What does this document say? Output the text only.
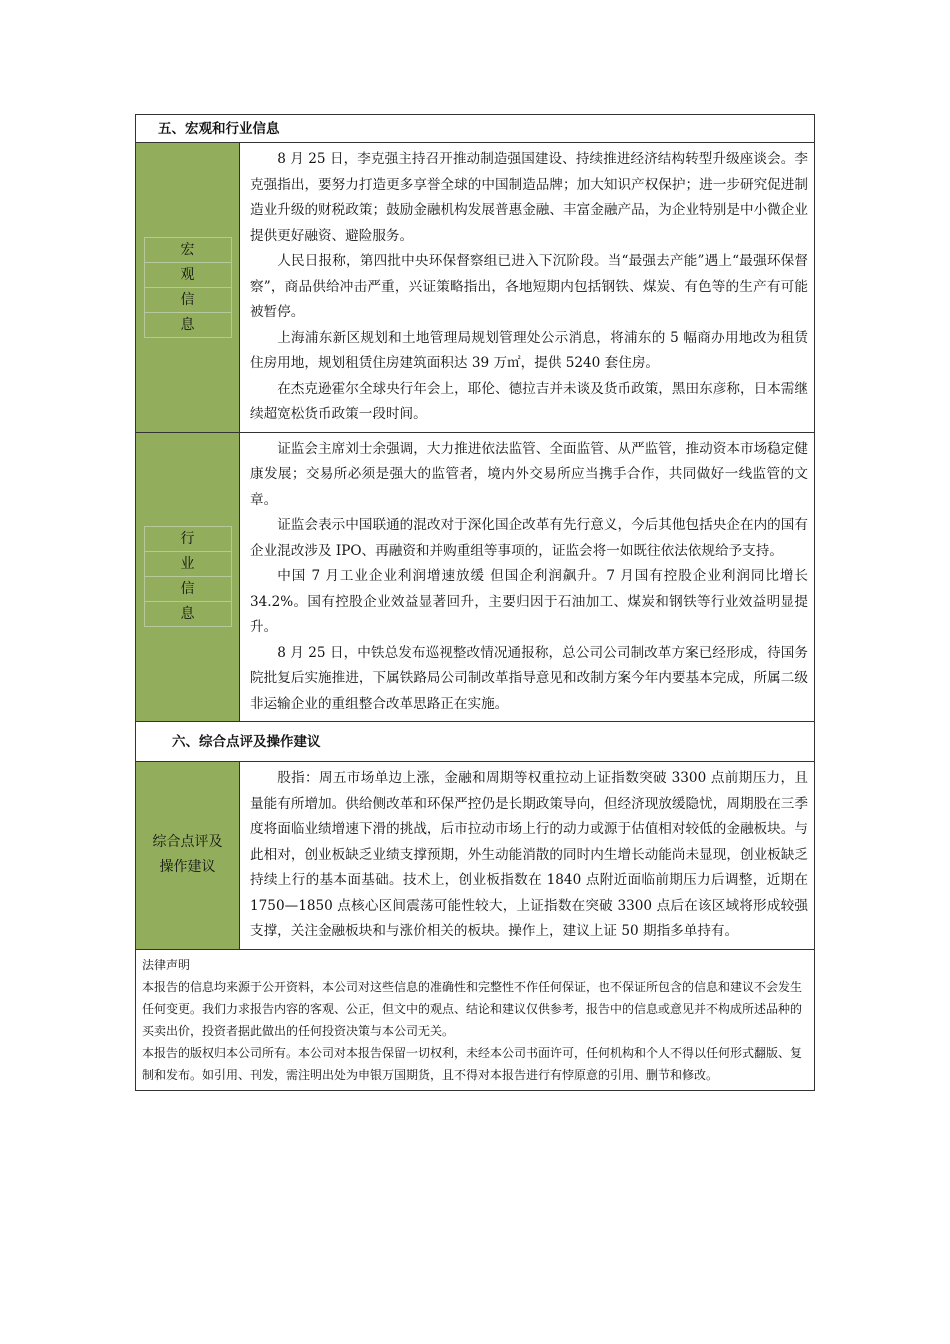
五、宏观和行业信息
宏
观
信
息

8 月 25 日，李克强主持召开推动制造强国建设、持续推进经济结构转型升级座谈会。李克强指出，要努力打造更多享誉全球的中国制造品牌；加大知识产权保护；进一步研究促进制造业升级的财税政策；鼓励金融机构发展普惠金融、丰富金融产品，为企业特别是中小微企业提供更好融资、避险服务。

人民日报称，第四批中央环保督察组已进入下沉阶段。当“最强去产能”遇上“最强环保督察”，商品供给冲击严重，兴证策略指出，各地短期内包括钢铁、煤炭、有色等的生产有可能被暂停。

上海浦东新区规划和土地管理局规划管理处公示消息，将浦东的 5 幅商办用地改为租赁住房用地，规划租赁住房建筑面积达 39 万㎡，提供 5240 套住房。

在杰克逊霍尔全球央行年会上，耶伦、德拉吉并未谈及货币政策，黑田东彦称，日本需继续超宽松货币政策一段时间。

行
业
信
息

证监会主席刘士余强调，大力推进依法监管、全面监管、从严监管，推动资本市场稳定健康发展；交易所必须是强大的监管者，境内外交易所应当携手合作，共同做好一线监管的文章。

证监会表示中国联通的混改对于深化国企改革有先行意义，今后其他包括央企在内的国有企业混改涉及 IPO、再融资和并购重组等事项的，证监会将一如既往依法依规给予支持。

中国 7 月工业企业利润增速放缓 但国企利润飙升。7 月国有控股企业利润同比增长 34.2%。国有控股企业效益显著回升，主要归因于石油加工、煤炭和钢铁等行业效益明显提升。

8 月 25 日，中铁总发布巡视整改情况通报称，总公司公司制改革方案已经形成，待国务院批复后实施推进，下属铁路局公司制改革指导意见和改制方案今年内要基本完成，所属二级非运输企业的重组整合改革思路正在实施。

六、综合点评及操作建议
综合点评及
操作建议

股指：周五市场单边上涨，金融和周期等权重拉动上证指数突破 3300 点前期压力，且量能有所增加。供给侧改革和环保严控仍是长期政策导向，但经济现放缓隐忧，周期股在三季度将面临业绩增速下滑的挑战，后市拉动市场上行的动力或源于估值相对较低的金融板块。与此相对，创业板缺乏业绩支撑预期，外生动能消散的同时内生增长动能尚未显现，创业板缺乏持续上行的基本面基础。技术上，创业板指数在 1840 点附近面临前期压力后调整，近期在 1750—1850 点核心区间震荡可能性较大，上证指数在突破 3300 点后在该区域将形成较强支撑，关注金融板块和与涨价相关的板块。操作上，建议上证 50 期指多单持有。

法律声明

本报告的信息均来源于公开资料，本公司对这些信息的准确性和完整性不作任何保证，也不保证所包含的信息和建议不会发生任何变更。我们力求报告内容的客观、公正，但文中的观点、结论和建议仅供参考，报告中的信息或意见并不构成所述品种的买卖出价，投资者据此做出的任何投资决策与本公司无关。

本报告的版权归本公司所有。本公司对本报告保留一切权利，未经本公司书面许可，任何机构和个人不得以任何形式翻版、复制和发布。如引用、刊发，需注明出处为申银万国期货，且不得对本报告进行有悖原意的引用、删节和修改。
